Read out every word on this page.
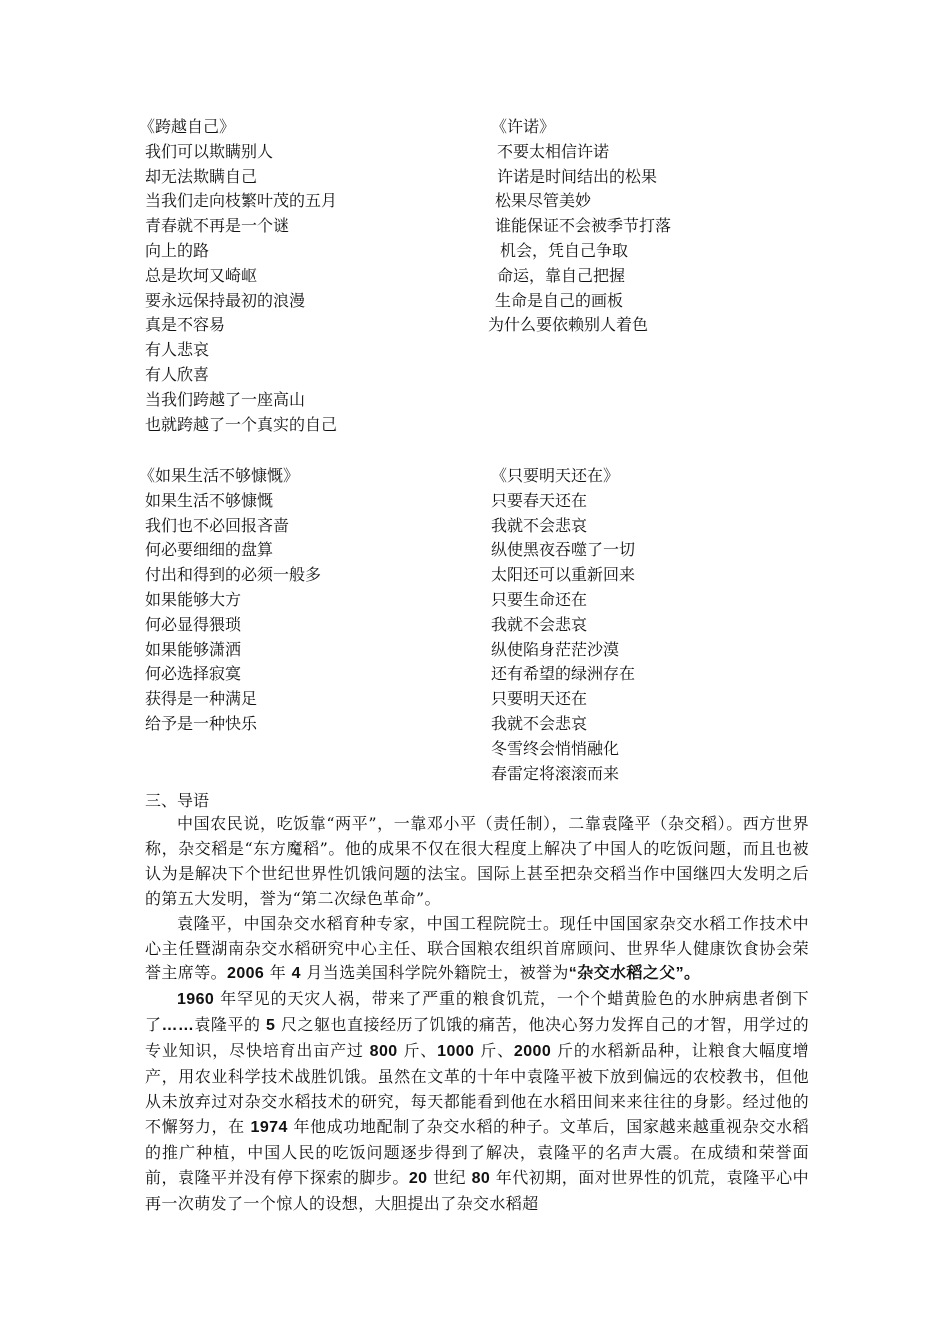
《跨越自己》
我们可以欺瞒别人
却无法欺瞒自己
当我们走向枝繁叶茂的五月
青春就不再是一个谜
向上的路
总是坎坷又崎岖
要永远保持最初的浪漫
真是不容易
有人悲哀
有人欣喜
当我们跨越了一座高山
也就跨越了一个真实的自己
《许诺》
不要太相信许诺
许诺是时间结出的松果
松果尽管美妙
谁能保证不会被季节打落
机会，凭自己争取
命运，靠自己把握
生命是自己的画板
为什么要依赖别人着色
《如果生活不够慷慨》
如果生活不够慷慨
我们也不必回报吝啬
何必要细细的盘算
付出和得到的必须一般多
如果能够大方
何必显得猥琐
如果能够潇洒
何必选择寂寞
获得是一种满足
给予是一种快乐
《只要明天还在》
只要春天还在
我就不会悲哀
纵使黑夜吞噬了一切
太阳还可以重新回来
只要生命还在
我就不会悲哀
纵使陷身茫茫沙漠
还有希望的绿洲存在
只要明天还在
我就不会悲哀
冬雪终会悄悄融化
春雷定将滚滚而来
三、导语

中国农民说，吃饭靠“两平”，一靠邓小平（责任制），二靠袁隆平（杂交稻）。西方世界称，杂交稻是“东方魔稻”。他的成果不仅在很大程度上解决了中国人的吃饭问题，而且也被认为是解决下个世纪世界性饥饿问题的法宝。国际上甚至把杂交稻当作中国继四大发明之后的第五大发明，誉为“第二次绿色革命”。

袁隆平，中国杂交水稻育种专家，中国工程院院士。现任中国国家杂交水稻工作技术中心主任暨湖南杂交水稻研究中心主任、联合国粮农组织首席顾问、世界华人健康饮食协会荣誉主席等。2006 年 4 月当选美国科学院外籍院士，被誉为“杂交水稻之父”。

1960 年罕见的天灾人祸，带来了严重的粮食饥荒，一个个蜡黄脸色的水肿病患者倒下了……袁隆平的 5 尺之躯也直接经历了饥饿的痛苦，他决心努力发挥自己的才智，用学过的专业知识，尽快培育出亩产过 800 斤、1000 斤、2000 斤的水稻新品种，让粮食大幅度增产，用农业科学技术战胜饥饿。虽然在文革的十年中袁隆平被下放到偏远的农校教书，但他从未放弃过对杂交水稻技术的研究，每天都能看到他在水稻田间来来往往的身影。经过他的不懈努力，在 1974 年他成功地配制了杂交水稻的种子。文革后，国家越来越重视杂交水稻的推广种植，中国人民的吃饭问题逐步得到了解决，袁隆平的名声大震。在成绩和荣誉面前，袁隆平并没有停下探索的脚步。20 世纪 80 年代初期，面对世界性的饥荒，袁隆平心中再一次萌发了一个惊人的设想，大胆提出了杂交水稻超
